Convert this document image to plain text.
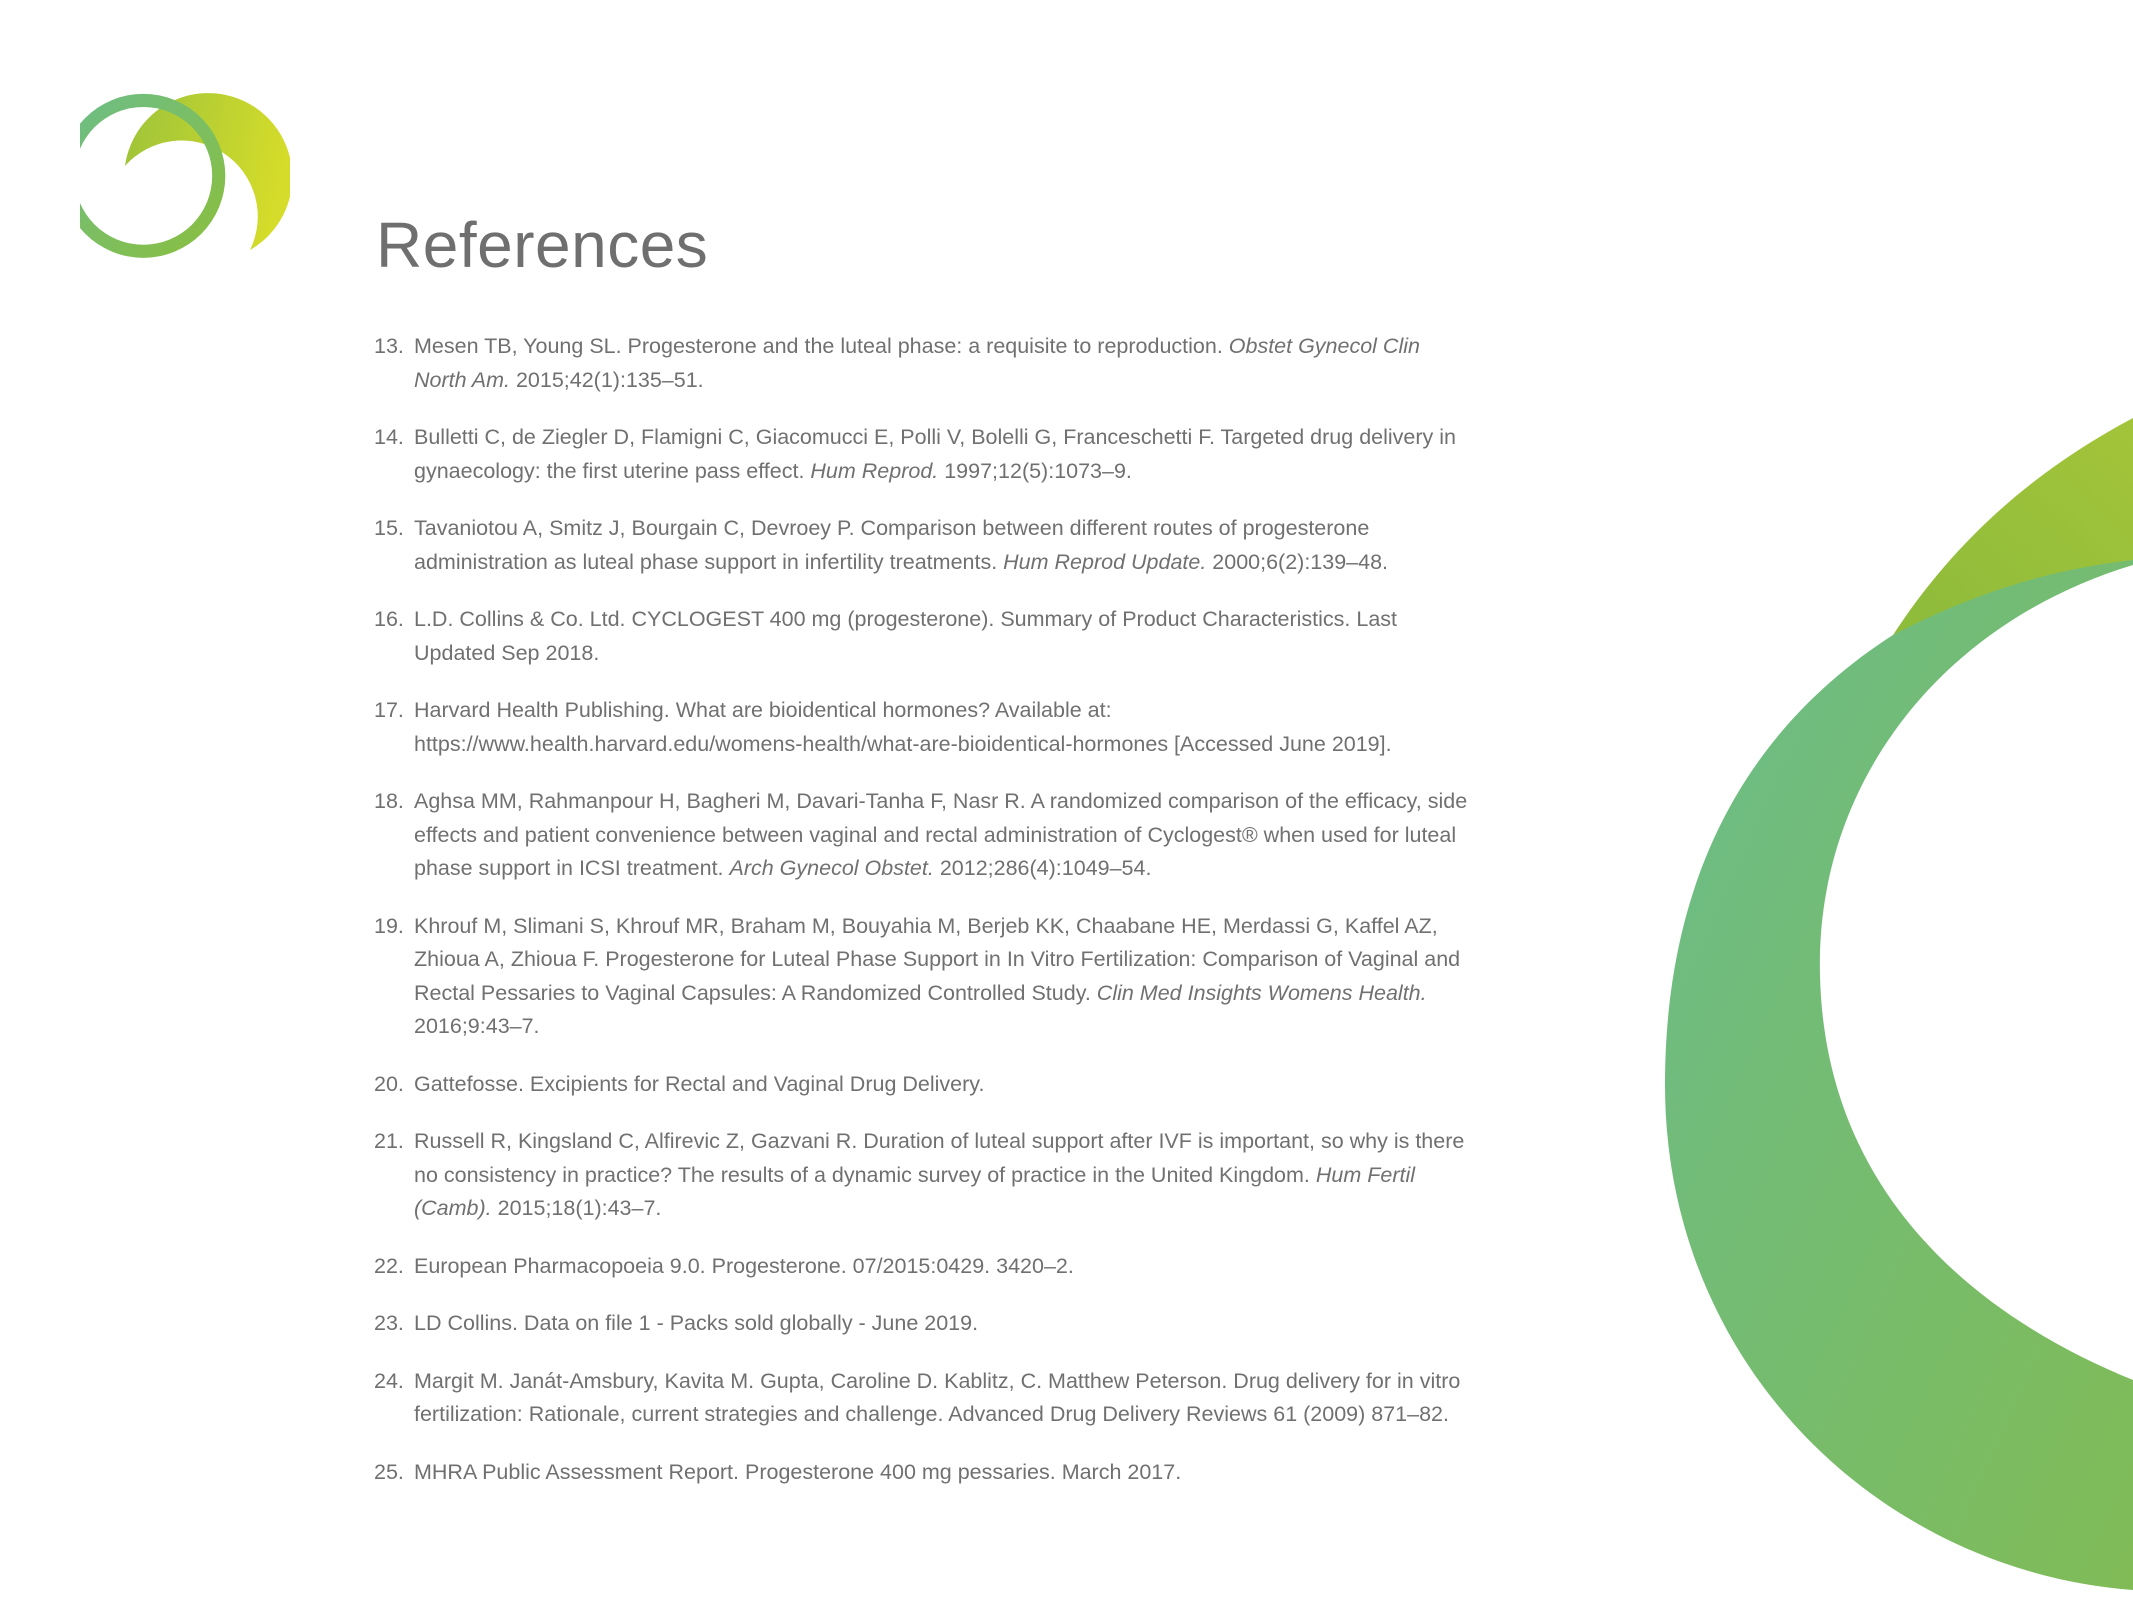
References
13. Mesen TB, Young SL. Progesterone and the luteal phase: a requisite to reproduction. Obstet Gynecol Clin North Am. 2015;42(1):135–51.
14. Bulletti C, de Ziegler D, Flamigni C, Giacomucci E, Polli V, Bolelli G, Franceschetti F. Targeted drug delivery in gynaecology: the first uterine pass effect. Hum Reprod. 1997;12(5):1073–9.
15. Tavaniotou A, Smitz J, Bourgain C, Devroey P. Comparison between different routes of progesterone administration as luteal phase support in infertility treatments. Hum Reprod Update. 2000;6(2):139–48.
16. L.D. Collins & Co. Ltd. CYCLOGEST 400 mg (progesterone). Summary of Product Characteristics. Last Updated Sep 2018.
17. Harvard Health Publishing. What are bioidentical hormones? Available at: https://www.health.harvard.edu/womens-health/what-are-bioidentical-hormones [Accessed June 2019].
18. Aghsa MM, Rahmanpour H, Bagheri M, Davari-Tanha F, Nasr R. A randomized comparison of the efficacy, side effects and patient convenience between vaginal and rectal administration of Cyclogest® when used for luteal phase support in ICSI treatment. Arch Gynecol Obstet. 2012;286(4):1049–54.
19. Khrouf M, Slimani S, Khrouf MR, Braham M, Bouyahia M, Berjeb KK, Chaabane HE, Merdassi G, Kaffel AZ, Zhioua A, Zhioua F. Progesterone for Luteal Phase Support in In Vitro Fertilization: Comparison of Vaginal and Rectal Pessaries to Vaginal Capsules: A Randomized Controlled Study. Clin Med Insights Womens Health. 2016;9:43–7.
20. Gattefosse. Excipients for Rectal and Vaginal Drug Delivery.
21. Russell R, Kingsland C, Alfirevic Z, Gazvani R. Duration of luteal support after IVF is important, so why is there no consistency in practice? The results of a dynamic survey of practice in the United Kingdom. Hum Fertil (Camb). 2015;18(1):43–7.
22. European Pharmacopoeia 9.0. Progesterone. 07/2015:0429. 3420–2.
23. LD Collins. Data on file 1 - Packs sold globally - June 2019.
24. Margit M. Janát-Amsbury, Kavita M. Gupta, Caroline D. Kablitz, C. Matthew Peterson. Drug delivery for in vitro fertilization: Rationale, current strategies and challenge. Advanced Drug Delivery Reviews 61 (2009) 871–82.
25. MHRA Public Assessment Report. Progesterone 400 mg pessaries. March 2017.
